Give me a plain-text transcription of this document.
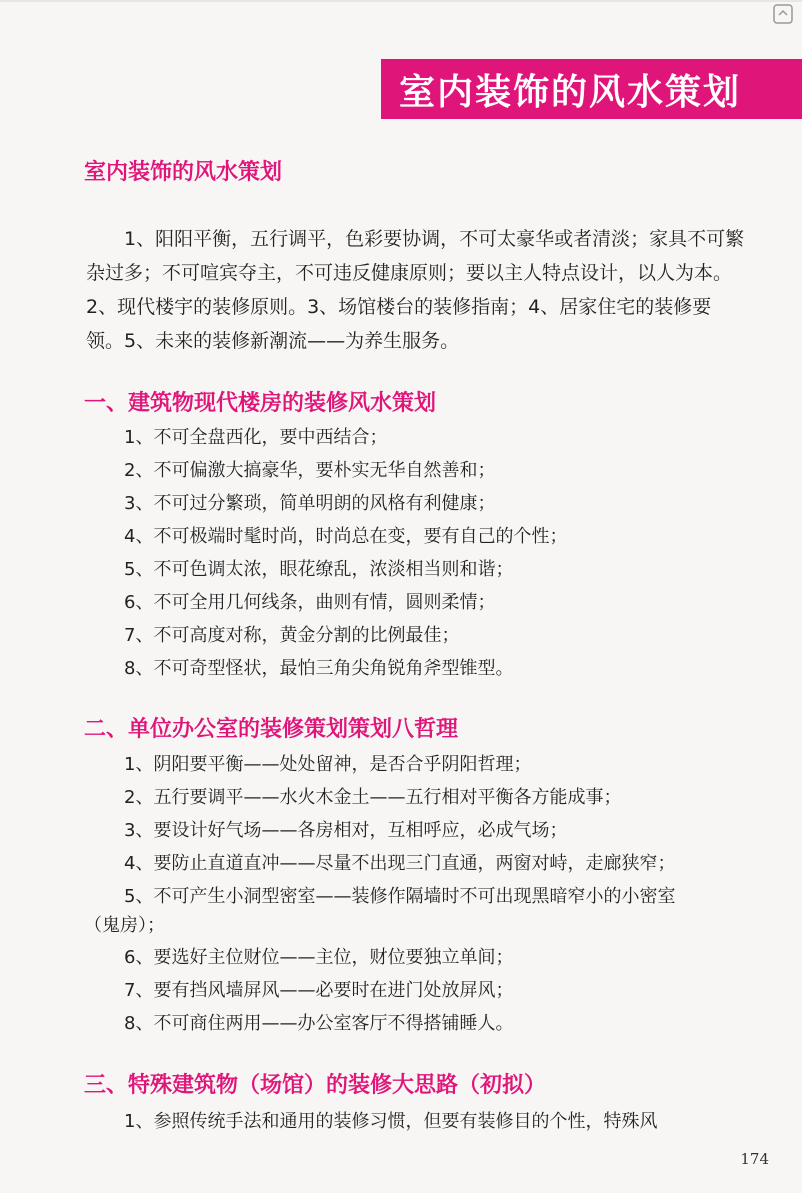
室内装饰的风水策划
室内装饰的风水策划
1、阳阳平衡，五行调平，色彩要协调，不可太豪华或者清淡；家具不可繁杂过多；不可喧宾夺主，不可违反健康原则；要以主人特点设计，以人为本。2、现代楼宇的装修原则。3、场馆楼台的装修指南；4、居家住宅的装修要领。5、未来的装修新潮流——为养生服务。
一、建筑物现代楼房的装修风水策划
1、不可全盘西化，要中西结合；
2、不可偏激大搞豪华，要朴实无华自然善和；
3、不可过分繁琐，简单明朗的风格有利健康；
4、不可极端时髦时尚，时尚总在变，要有自己的个性；
5、不可色调太浓，眼花缭乱，浓淡相当则和谐；
6、不可全用几何线条，曲则有情，圆则柔情；
7、不可高度对称，黄金分割的比例最佳；
8、不可奇型怪状，最怕三角尖角锐角斧型锥型。
二、单位办公室的装修策划策划八哲理
1、阴阳要平衡——处处留神，是否合乎阴阳哲理；
2、五行要调平——水火木金土——五行相对平衡各方能成事；
3、要设计好气场——各房相对，互相呼应，必成气场；
4、要防止直道直冲——尽量不出现三门直通，两窗对峙，走廊狭窄；
5、不可产生小洞型密室——装修作隔墙时不可出现黑暗窄小的小密室
（鬼房）；
6、要选好主位财位——主位，财位要独立单间；
7、要有挡风墙屏风——必要时在进门处放屏风；
8、不可商住两用——办公室客厅不得搭铺睡人。
三、特殊建筑物（场馆）的装修大思路（初拟）
1、参照传统手法和通用的装修习惯，但要有装修目的个性，特殊风
174
